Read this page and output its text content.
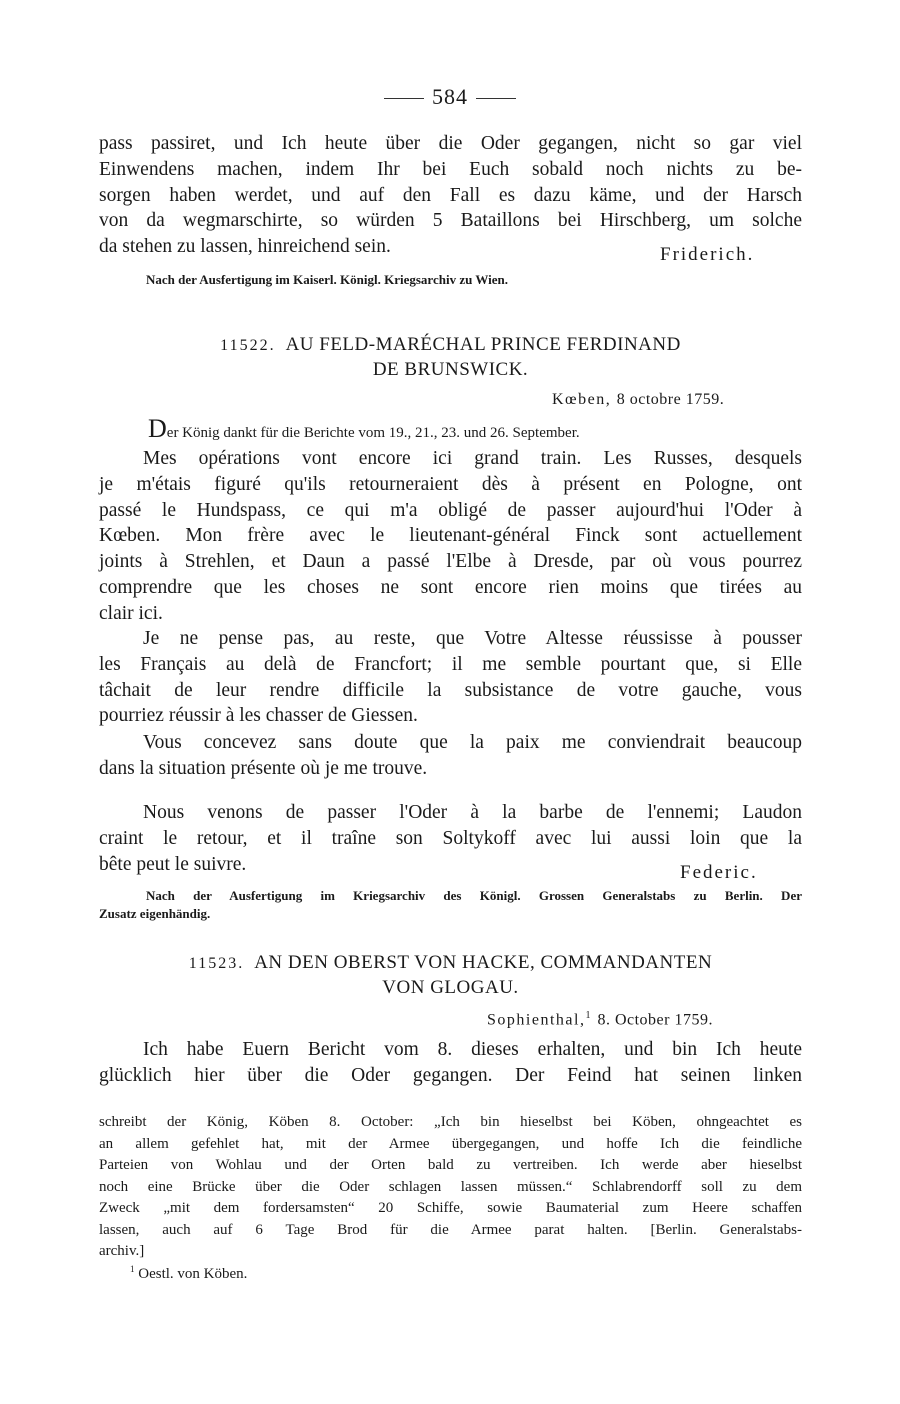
584
pass passiret, und Ich heute über die Oder gegangen, nicht so gar viel
Einwendens machen, indem Ihr bei Euch sobald noch nichts zu be-
sorgen haben werdet, und auf den Fall es dazu käme, und der Harsch
von da wegmarschirte, so würden 5 Bataillons bei Hirschberg, um solche
da stehen zu lassen, hinreichend sein.	Friderich.
Nach der Ausfertigung im Kaiserl. Königl. Kriegsarchiv zu Wien.
11522. AU FELD-MARÉCHAL PRINCE FERDINAND
DE BRUNSWICK.
Kœben, 8 octobre 1759.
Der König dankt für die Berichte vom 19., 21., 23. und 26. September.
Mes opérations vont encore ici grand train. Les Russes, desquels
je m'étais figuré qu'ils retourneraient dès à présent en Pologne, ont
passé le Hundspass, ce qui m'a obligé de passer aujourd'hui l'Oder à
Kœben. Mon frère avec le lieutenant-général Finck sont actuellement
joints à Strehlen, et Daun a passé l'Elbe à Dresde, par où vous pourrez
comprendre que les choses ne sont encore rien moins que tirées au
clair ici.
Je ne pense pas, au reste, que Votre Altesse réussisse à pousser
les Français au delà de Francfort; il me semble pourtant que, si Elle
tâchait de leur rendre difficile la subsistance de votre gauche, vous
pourriez réussir à les chasser de Giessen.
Vous concevez sans doute que la paix me conviendrait beaucoup
dans la situation présente où je me trouve.
Nous venons de passer l'Oder à la barbe de l'ennemi; Laudon
craint le retour, et il traîne son Soltykoff avec lui aussi loin que la
bête peut le suivre.	Federic.
Nach der Ausfertigung im Kriegsarchiv des Königl. Grossen Generalstabs zu Berlin. Der
Zusatz eigenhändig.
11523. AN DEN OBERST VON HACKE, COMMANDANTEN
VON GLOGAU.
Sophienthal,$^1$ 8. October 1759.
Ich habe Euern Bericht vom 8. dieses erhalten, und bin Ich heute
glücklich hier über die Oder gegangen. Der Feind hat seinen linken
schreibt der König, Köben 8. October: „Ich bin hieselbst bei Köben, ohngeachtet es
an allem gefehlet hat, mit der Armee übergegangen, und hoffe Ich die feindliche
Parteien von Wohlau und der Orten bald zu vertreiben. Ich werde aber hieselbst
noch eine Brücke über die Oder schlagen lassen müssen.“ Schlabrendorff soll zu dem
Zweck „mit dem fordersamsten“ 20 Schiffe, sowie Baumaterial zum Heere schaffen
lassen, auch auf 6 Tage Brod für die Armee parat halten. [Berlin. Generalstabs-
archiv.]
$^1$ Oestl. von Köben.
